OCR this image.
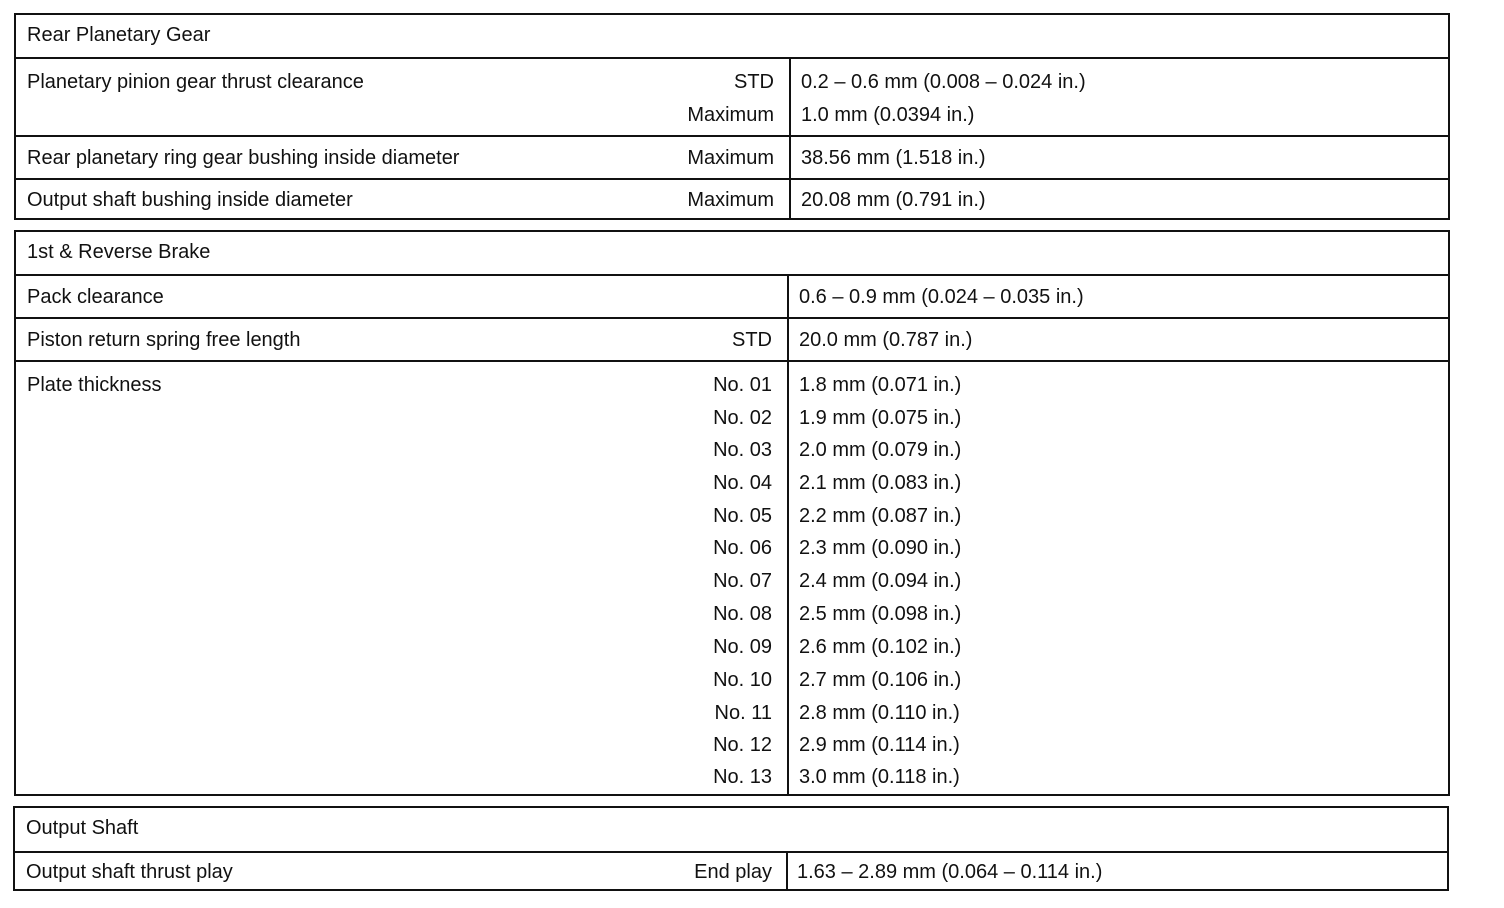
Rear Planetary Gear
Planetary pinion gear thrust clearance	STD 0.2 – 0.6 mm (0.008 – 0.024 in.)
Maximum 1.0 mm (0.0394 in.)
Rear planetary ring gear bushing inside diameter	Maximum 38.56 mm (1.518 in.)
Output shaft bushing inside diameter	Maximum 20.08 mm (0.791 in.)
1st & Reverse Brake
Pack clearance	0.6 – 0.9 mm (0.024 – 0.035 in.)
Piston return spring free length	STD 20.0 mm (0.787 in.)
Plate thickness	No. 01 1.8 mm (0.071 in.)
No. 02 1.9 mm (0.075 in.)
No. 03 2.0 mm (0.079 in.)
No. 04 2.1 mm (0.083 in.)
No. 05 2.2 mm (0.087 in.)
No. 06 2.3 mm (0.090 in.)
No. 07 2.4 mm (0.094 in.)
No. 08 2.5 mm (0.098 in.)
No. 09 2.6 mm (0.102 in.)
No. 10 2.7 mm (0.106 in.)
No. 11 2.8 mm (0.110 in.)
No. 12 2.9 mm (0.114 in.)
No. 13 3.0 mm (0.118 in.)
Output Shaft
Output shaft thrust play	End play 1.63 – 2.89 mm (0.064 – 0.114 in.)
